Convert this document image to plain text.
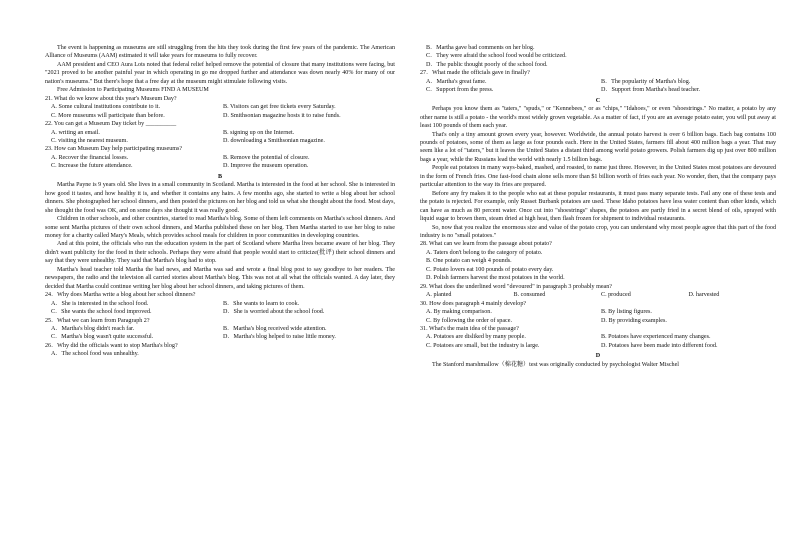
The event is happening as museums are still struggling from the hits they took during the first few years of the pandemic. The American Alliance of Museums (AAM) estimated it will take years for museums to fully recover.

AAM president and CEO Aura Lots noted that federal relief helped remove the potential of closure that many institutions were facing, but "2021 proved to be another painful year in which operating in go me dropped further and attendance was down nearly 40% for many of our nation's museums." But there's hope that a free day at the museum might stimulate following visits.

Free Admission to Participating Museums FIND A MUSEUM

21. What do we know about this year's Museum Day?

A. Some cultural institutions contribute to it.	B. Visitors can get free tickets every Saturday.
C. More museums will participate than before.	D. Smithsonian magazine hosts it to raise funds.

22. You can get a Museum Day ticket by __________

A. writing an email.	B. signing up on the Internet.
C. visiting the nearest museum.	D. downloading a Smithsonian magazine.

23. How can Museum Day help participating museums?

A. Recover the financial losses.	B. Remove the potential of closure.
C. Increase the future attendance.	D. Improve the museum operation.

B

Martha Payne is 9 years old. She lives in a small community in Scotland. Martha is interested in the food at her school. She is interested in how good it tastes, and how healthy it is, and whether it contains any hairs. A few months ago, she started to write a blog about her school dinners. She photographed her school dinners, and then posted the pictures on her blog and told us what she thought about the food. Most days, she thought the food was OK, and on some days she thought it was really good.

Children in other schools, and other countries, started to read Martha's blog. Some of them left comments on Martha's school dinners. And some sent Martha pictures of their own school dinners, and Martha published these on her blog. Then Martha started to use her blog to raise money for a charity called Mary's Meals, which provides school meals for children in poor communities in developing countries.

And at this point, the officials who run the education system in the part of Scotland where Martha lives became aware of her blog. They didn't want publicity for the food in their schools. Perhaps they were afraid that people would start to criticize(批评) their school dinners and say that they were unhealthy. They said that Martha's blog had to stop.

Martha's head teacher told Martha the bad news, and Martha was sad and wrote a final blog post to say goodbye to her readers. The newspapers, the radio and the television all carried stories about Martha's blog. This was not at all what the officials wanted. A day later, they decided that Martha could continue writing her blog about her school dinners, and taking pictures of them.

24．Why does Martha write a blog about her school dinners?

A．She is interested in the school food.	B．She wants to learn to cook.
C．She wants the school food improved.	D．She is worried about the school food.

25．What we can learn from Paragraph 2?

A．Martha's blog didn't reach far.	B．Martha's blog received wide attention.
C．Martha's blog wasn't quite successful.	D．Martha's blog helped to raise little money.

26．Why did the officials want to stop Martha's blog?

A．The school food was unhealthy.

B．Martha gave bad comments on her blog.

C．They were afraid the school food would be criticized.

D．The public thought poorly of the school food.

27．What made the officials gave in finally?

A．Martha's great fame.	B．The popularity of Martha's blog.
C．Support from the press.	D．Support from Martha's head teacher.

C

Perhaps you know them as "taters," "spuds," or "Kennebees," or as "chips," "Idahoes," or even "shoestrings." No matter, a potato by any other name is still a potato - the world's most widely grown vegetable. As a matter of fact, if you are an average potato eater, you will put away at least 100 pounds of them each year.

That's only a tiny amount grown every year, however. Worldwide, the annual potato harvest is over 6 billion bags. Each bag contains 100 pounds of potatoes, some of them as large as four pounds each. Here in the United States, farmers fill about 400 million bags a year. That may seem like a lot of "taters," but it leaves the United States a distant third among world potato growers. Polish farmers dig up just over 800 million bags a year, while the Russians lead the world with nearly 1.5 billion bags.

People eat potatoes in many ways-baked, mashed, and roasted, to name just three. However, in the United States most potatoes are devoured in the form of French fries. One fast-food chain alone sells more than $1 billion worth of fries each year. No wonder, then, that the company pays particular attention to the way its fries are prepared.

Before any fry makes it to the people who eat at these popular restaurants, it must pass many separate tests. Fail any one of these tests and the potato is rejected. For example, only Russet Burbank potatoes are used. These Idaho potatoes have less water content than other kinds, which can have as much as 80 percent water. Once cut into "shoestrings" shapes, the potatoes are partly fried in a secret blend of oils, sprayed with liquid sugar to brown them, steam dried at high heat, then flash frozen for shipment to individual restaurants.

So, now that you realize the enormous size and value of the potato crop, you can understand why most people agree that this part of the food industry is no "small potatoes."

28. What can we learn from the passage about potato?

A. Taters don't belong to the category of potato.

B. One potato can weigh 4 pounds.

C. Potato lovers eat 100 pounds of potato every day.

D. Polish farmers harvest the most potatoes in the world.

29. What does the underlined word "devoured" in paragraph 3 probably mean?

A. planted	B. consumed	C. produced	D. harvested

30. How does paragraph 4 mainly develop?

A. By making comparison.	B. By listing figures.
C. By following the order of space.	D. By providing examples.

31. What's the main idea of the passage?

A. Potatoes are disliked by many people.	B. Potatoes have experienced many changes.
C. Potatoes are small, but the industry is large.	D. Potatoes have been made into different food.

D

The Stanford marshmallow（棉花糖）test was originally conducted by psychologist Walter Mischel
